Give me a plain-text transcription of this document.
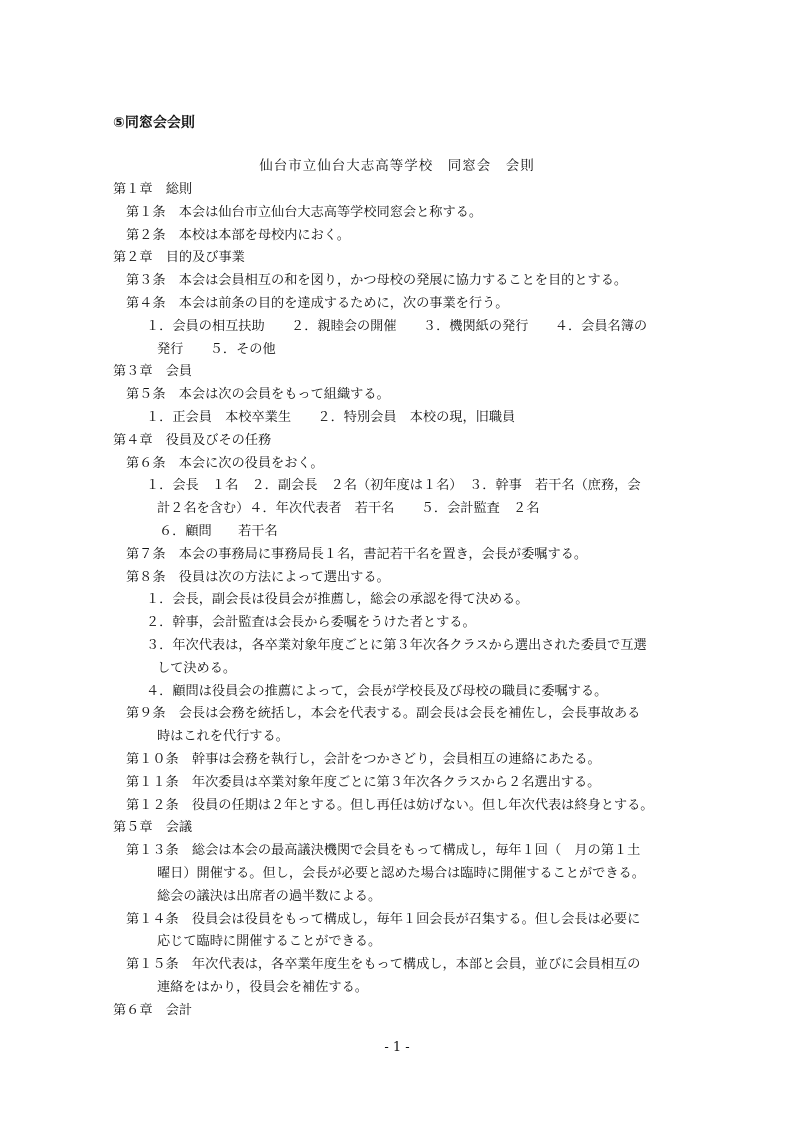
⑤同窓会会則
仙台市立仙台大志高等学校　同窓会　会則
第１章　総則
第１条　本会は仙台市立仙台大志高等学校同窓会と称する。
第２条　本校は本部を母校内におく。
第２章　目的及び事業
第３条　本会は会員相互の和を図り，かつ母校の発展に協力することを目的とする。
第４条　本会は前条の目的を達成するために，次の事業を行う。
１．会員の相互扶助　　２．親睦会の開催　　３．機関紙の発行　　４．会員名簿の
発行　　５．その他
第３章　会員
第５条　本会は次の会員をもって組織する。
１．正会員　本校卒業生　　２．特別会員　本校の現，旧職員
第４章　役員及びその任務
第６条　本会に次の役員をおく。
１．会長　１名　２．副会長　２名（初年度は１名）　３．幹事　若干名（庶務，会
計２名を含む）４．年次代表者　若干名　　５．会計監査　２名
６．顧問　　若干名
第７条　本会の事務局に事務局長１名，書記若干名を置き，会長が委嘱する。
第８条　役員は次の方法によって選出する。
１．会長，副会長は役員会が推薦し，総会の承認を得て決める。
２．幹事，会計監査は会長から委嘱をうけた者とする。
３．年次代表は，各卒業対象年度ごとに第３年次各クラスから選出された委員で互選
して決める。
４．顧問は役員会の推薦によって，会長が学校長及び母校の職員に委嘱する。
第９条　会長は会務を統括し，本会を代表する。副会長は会長を補佐し，会長事故ある
時はこれを代行する。
第１０条　幹事は会務を執行し，会計をつかさどり，会員相互の連絡にあたる。
第１１条　年次委員は卒業対象年度ごとに第３年次各クラスから２名選出する。
第１２条　役員の任期は２年とする。但し再任は妨げない。但し年次代表は終身とする。
第５章　会議
第１３条　総会は本会の最高議決機関で会員をもって構成し，毎年１回（　月の第１土
曜日）開催する。但し，会長が必要と認めた場合は臨時に開催することができる。
総会の議決は出席者の過半数による。
第１４条　役員会は役員をもって構成し，毎年１回会長が召集する。但し会長は必要に
応じて臨時に開催することができる。
第１５条　年次代表は，各卒業年度生をもって構成し，本部と会員，並びに会員相互の
連絡をはかり，役員会を補佐する。
第６章　会計
- 1 -
